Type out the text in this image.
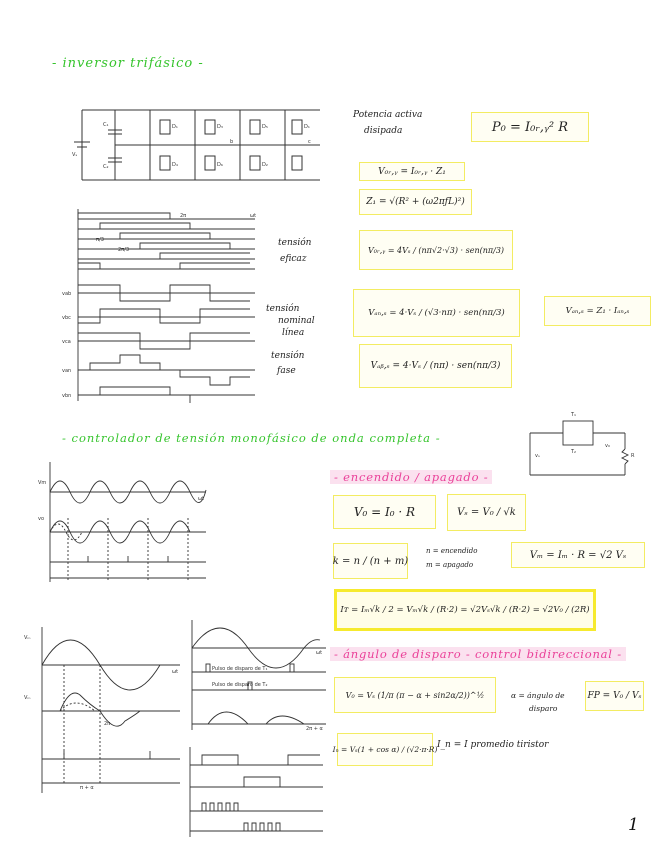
- inversor trifásico -
- controlador de tensión monofásico de onda completa -
- encendido / apagado -
- ángulo de disparo - control bidireccional -
C₁
C₂
Vₛ
D₁	D₃	D₅	D₁
D₄	D₆	D₂
c
b
2π	ωt
π/3
2π/3
vab
vbc
vca
van
vbn
Potencia activa
disipada	P₀ = I₀ᵣ,ᵧ² R
V₀ᵣ,ᵧ = I₀ᵣ,ᵧ · Z₁
Z₁ = √(R² + (ω2πƒL)²)
tensión
eficaz
V₀ᵣ,ᵧ = 4Vₛ / (nπ√2·√3) · sen(nπ/3)
tensión
nominal
línea
Vₐₙ,ₛ = 4·Vₛ / (√3·nπ) · sen(nπ/3)	Vₐₙ,ₛ = Z₁ · Iₐₙ,ₛ
tensión
fase	Vₐᵦ,ₛ = 4·Vₛ / (nπ) · sen(nπ/3)
T₁
T₂
R
vₛ
v₀
Vm
ωt
vo
Vₘ
ωt
2π
Vₘ
π + α
Pulso de disparo de T₁
Pulso de disparo de T₂
ωt
2π + α
V₀ = I₀ · R	Vₛ = V₀ / √k
k = n / (n + m)
n = encendido
m = apagado
Vₘ = Iₘ · R = √2 Vₛ
Iᴛ = Iₘ√k / 2 = Vₘ√k / (R·2) = √2Vₛ√k / (R·2) = √2V₀ / (2R)
V₀ = Vₛ (1/π (π − α + sin2α/2))^½	α = ángulo de
disparo
FP = V₀ / Vₛ
Iₙ = Vₛ(1 + cos α) / (√2·π·R) I_n = I promedio tiristor
1
